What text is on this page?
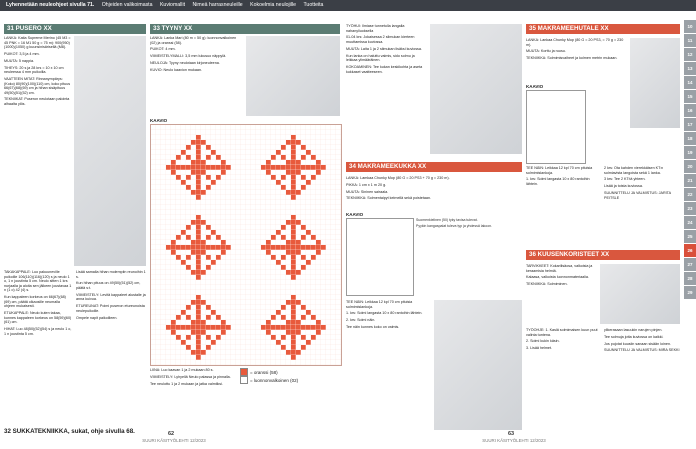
Lyhennetään neuleohjeet sivulla 71. Ohjeiden valikoimasta Kuviomallit Nimeä harrasneuleille Kokoelmia neulojille Tuotteita
10
11
12
13
14
15
16
17
18
19
20
21
22
23
24
25
26
27
28
29
31 PUSERO XX	33 TYYNY XX

LANKA: Katia Supreme Merino (45 M3 = 45 PNK = 16 M1 50 g = 75 m): 900(950)(1000)(1050) g kuunsinisärisellä (M8).

PUIKOT: 3,5 ja 4 mm.

MUUTA: 5 nappia.

TIHEYS: 20 s ja 28 krs = 10 x 10 cm neuleessa 4 mm puikoilla.

VAATTEEN MITAT: Rinnanympärys: (Koko) 80(90)(100)(110) cm, koko pituus 66(67)(68)(69) cm ja hihan sisäpituus 49(50)(51)(52) cm.

TEKNIIKAT: Puseron neulotaan palointa alhaalta ylös.

LANKA: Lanka Mari (80 m = 50 g): luonnonvalkoinen (02) ja oranssi (58).

PUIKOT: 4 mm.

VIIMEISTELYMALLI: 3,5 mm lukusuo näppylä.

NEULOJA: Tyyny neulotaan kirjoneuleena.

KUVIO: Neulo kaavion mukaan.

KAAVIO
= oranssi (58)
= luonnonvalkoinen (02)

TAKAKAPPALE: Luo pakuuneville puikoille 106(110)(116)(120) s ja neulo 1 o, 1 n joustinta 5 cm. Neulo sitten 1 krs nurjaalla ja aloita sen jälkeen joustavaa 1 n (1 o) 42 (4) s.

Kun kappaleen korkeus on 66(67)(68)(69) cm, päätä olkaosille neumalla ohjeen mukaisesti.

ETUKAPPALE: Neulo kuten takaa, kunnes kappaleen korkeus on 58(59)(60)(61) cm.

HIHAT: Luo 48(50)(52)(54) s ja neulo 1 o, 1 n joustinta 5 cm.

Lisää samalla hihan molempiin reunoihin 1 s.

Kun hihan pituus on 49(50)(51)(52) cm, päätä s:t.

VIIMEISTELY: Levitä kappaleet alustalle ja anna kuivua.

ETUREUNAT: Poimi puseron etureunoista neulepuikoille.

Ompele napit paikoilleen.

LIINA: Luo kaavan 1 ja 2 mukaan 80 s.

VIIMEISTELY: Lyhyellä Neulo palassa ja pinnalla.

Tee neulottu 1 ja 2 mukaan ja jatka valmiiksi.

32 SUKKATEKNIIKKA, sukat, ohje sivulla 68.	62
SUURI KÄSITYÖLEHTI 12/2023

TYÖHUI: Ilmiase tunnetulla langalla nahanyliuoksella

01-04 krs: Jokaisessa 2 silmukan kierteen muuttamissa kuviossa.

MUUTA: Laita 1 ja 2 silmukan lisäksi kuviossa.

Kun lanka on haluttu valmis, sido solmu ja leikkaa ylimääräinen.

KOKOAMINEN: Tee kukan keskikohta ja aseta kukkaset vaatteeseen.

34 MAKRAMEEKUKKA XX

LANKA: Lamkaa Chunky Mop (80 G = 20 PS3 + 70 g = 230 m).

PIKKA: 1 cm x 1 m 20 g.

MUUTA: Sininen sairaala.

TEKNIIKKA: Solmentaipyt kelmellä sekä poistetaan.

KAAVIO
Suomenkielinen (50) tyky tavisa tulevat.
Pyykin kangaspalat tuleva typ ja yhdessä lakoon.

TEE NÄIN: Leikkaa 12 kpl 70 cm pituisia solmimislankoja.

1. krs: Solmi langasta 10 x 80 rantoihin lähtein.

2. krs: Solmi näin.

Tee näin kunnes koko on valmis.

35 MAKRAMEEHUTALE XX

LANKA: Lankaa Chunky Mop (80 G = 20 PS3, = 70 g = 230 m).

MUUTA: Korttu ja ruusu.

TEKNIIKKA: Solmimisvaiheet ja kolmen metrin mukaan.

KAAVIO

TEE NÄIN: Leikkaa 12 kpl 70 cm pituisia solmimislankoja.

1. krs: Solmi langasta 10 x 80 rantoihin lähtein.

2 krs: Ota kahden vierekkäisen KT:n solmiavista langoista sekä 1 lanka.

3 krs: Tee 2 KT:tä yhteen.

Lisää ja toista kuviossa.

SUUNNITTELU JA VALMISTUS: JARITA PEITSLE

36 KUUSENKORISTEET XX

TARVIKKEET: Kokarilisäosa, valkoisia ja keraamisia helmiä.

Kalaasa, valkoista luonnonmateriaalia.

TEKNIIKKA: Solmiminen.

TYÖOHJE: 1. Kaslä solmimaisen kuun puut valinta tuntena.

2. Solmi kukin käsin.

3. Lisää helmet.

ylikerasaan lasuukin narujen pinjen.

Tee solmuja jotta kuviossa on kaikki.

Jos pujotat kuusiin sanaan sisään loinen.

SUUNNITTELU JA VALMISTUS: MIRA SEKKI

63
SUURI KÄSITYÖLEHTI 12/2023
